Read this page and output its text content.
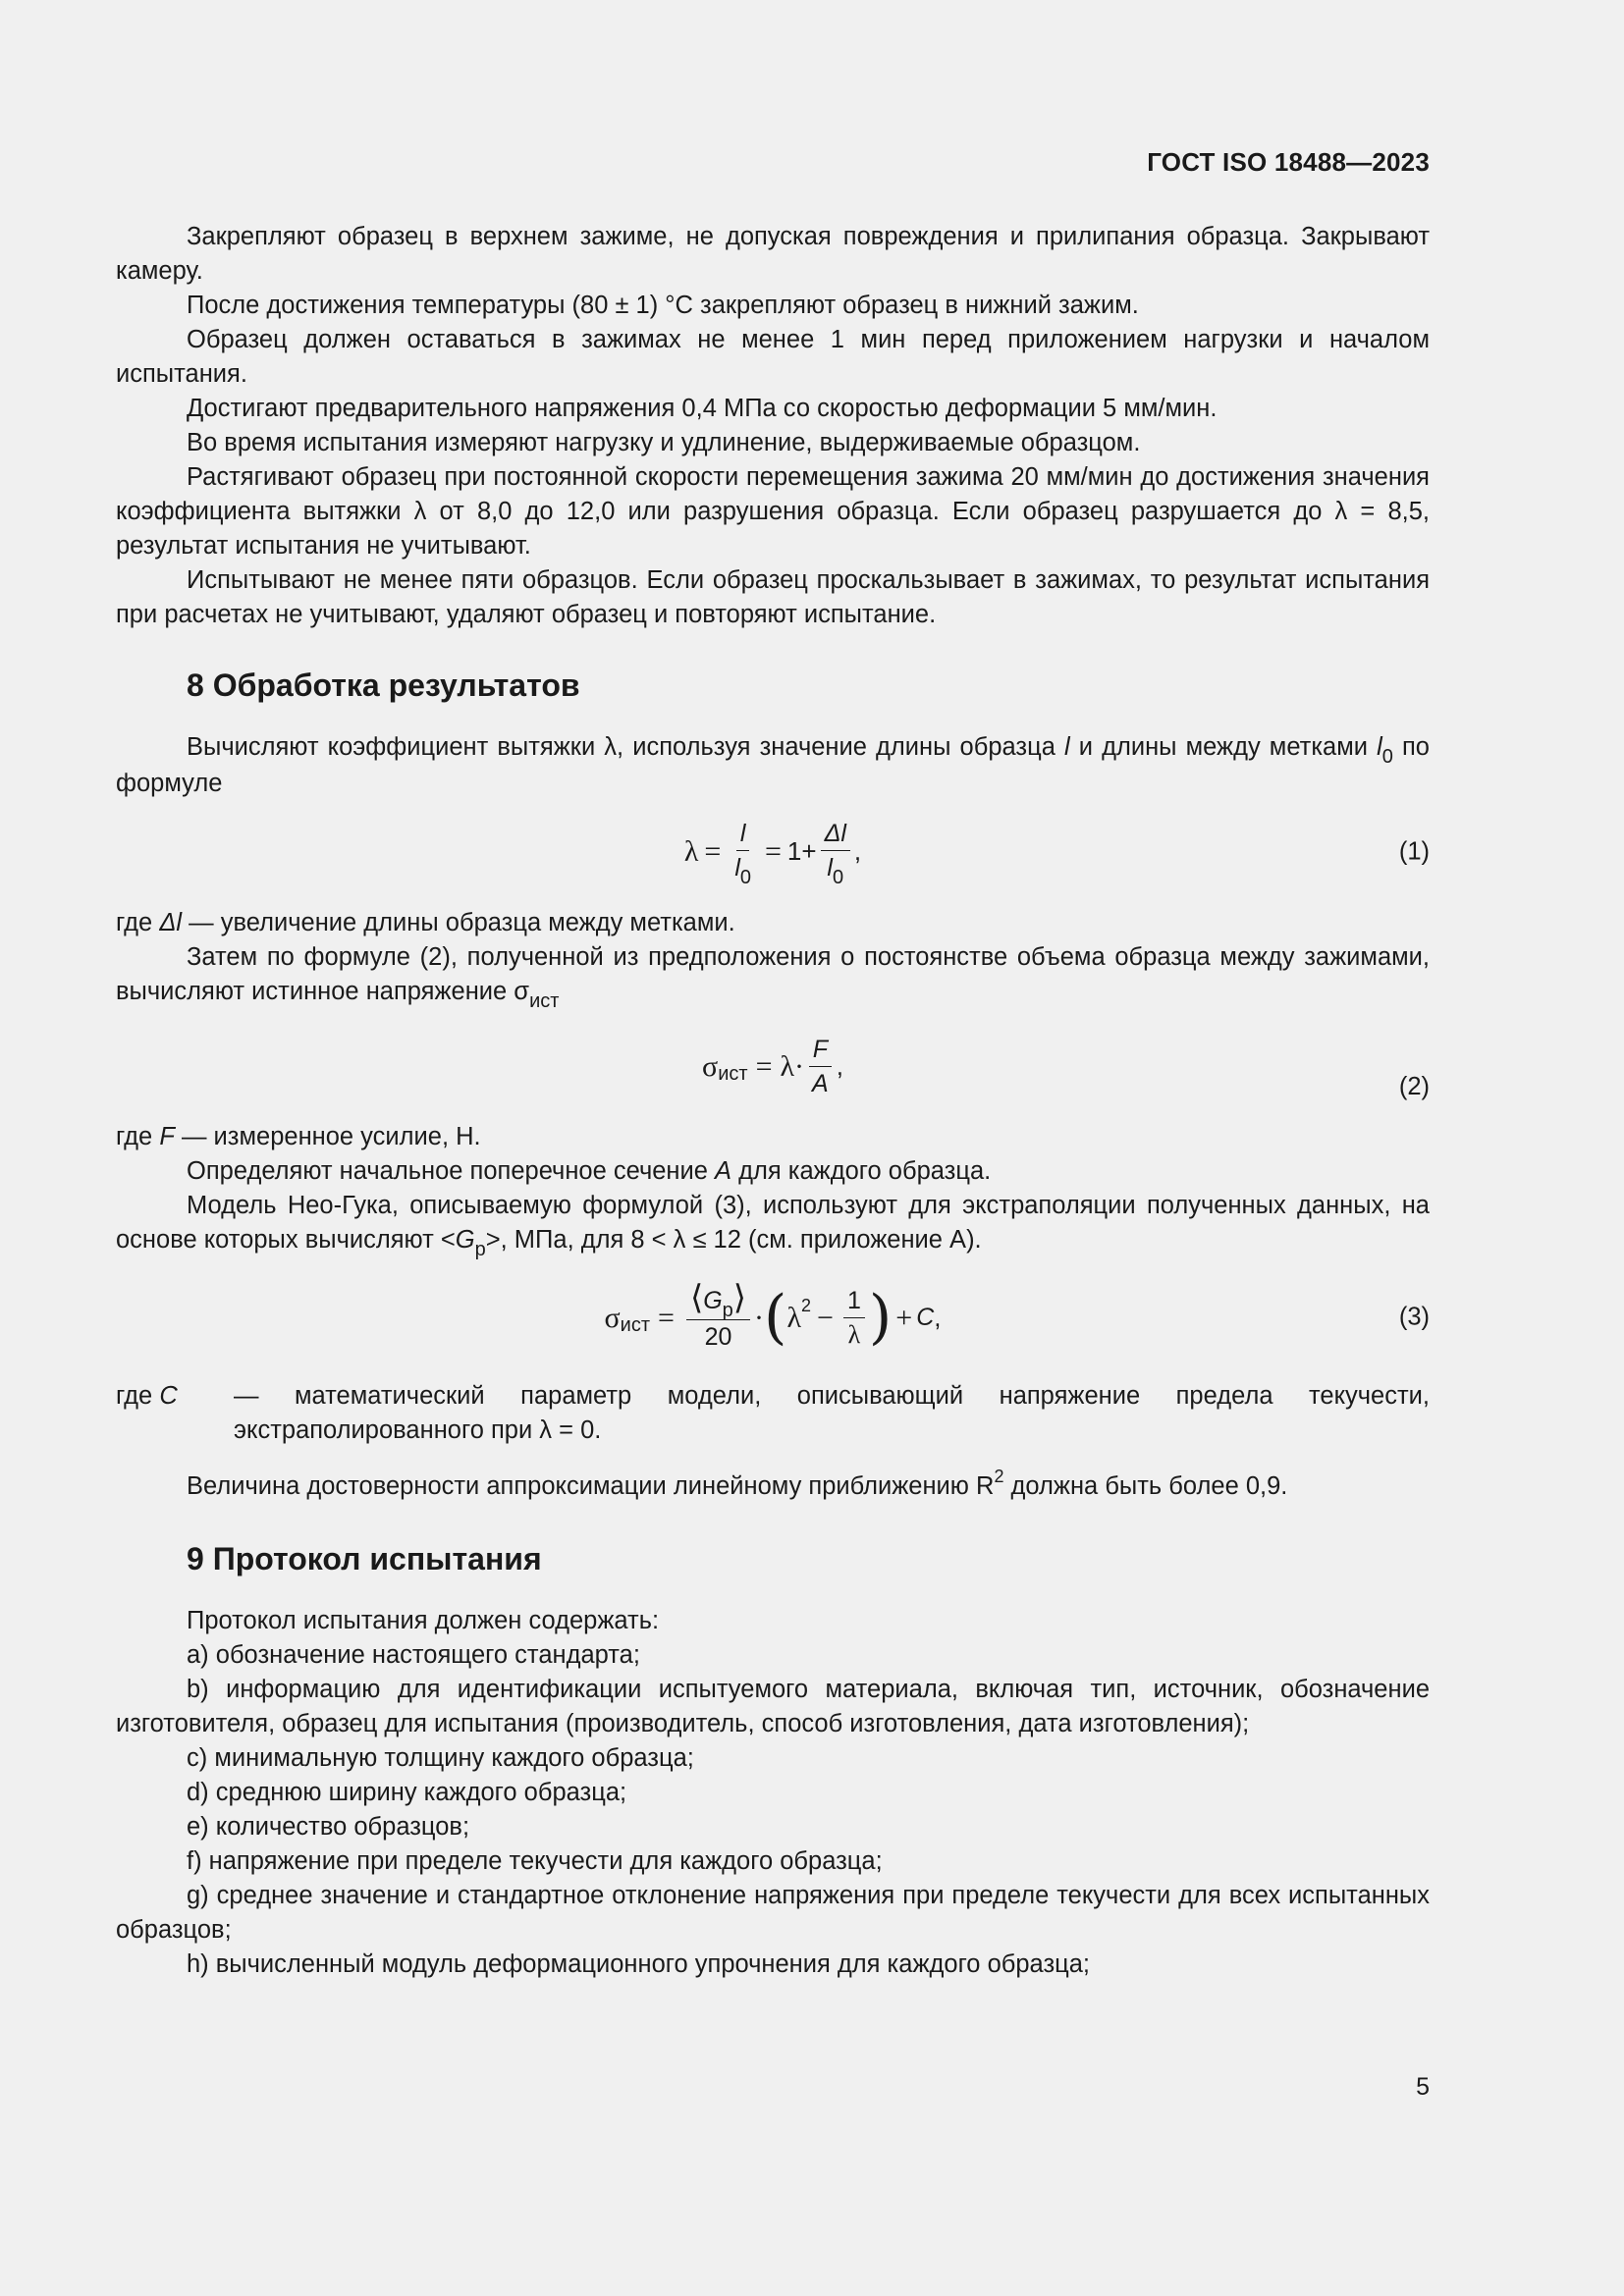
ГОСТ ISO 18488—2023

Закрепляют образец в верхнем зажиме, не допуская повреждения и прилипания образца. Закрывают камеру.

После достижения температуры (80 ± 1) °С закрепляют образец в нижний зажим.

Образец должен оставаться в зажимах не менее 1 мин перед приложением нагрузки и началом испытания.

Достигают предварительного напряжения 0,4 МПа со скоростью деформации 5 мм/мин.

Во время испытания измеряют нагрузку и удлинение, выдерживаемые образцом.

Растягивают образец при постоянной скорости перемещения зажима 20 мм/мин до достижения значения коэффициента вытяжки λ от 8,0 до 12,0 или разрушения образца. Если образец разрушается до λ = 8,5, результат испытания не учитывают.

Испытывают не менее пяти образцов. Если образец проскальзывает в зажимах, то результат испытания при расчетах не учитывают, удаляют образец и повторяют испытание.

8 Обработка результатов

Вычисляют коэффициент вытяжки λ, используя значение длины образца l и длины между метками $l_0$ по формуле

$\lambda = \frac{l}{l_0} = 1+ \frac{\Delta l}{l_0}$ ,	(1)

где Δl — увеличение длины образца между метками.

Затем по формуле (2), полученной из предположения о постоянстве объема образца между зажимами, вычисляют истинное напряжение $\sigma_{ист}$

σ ист = $\lambda\cdot \frac{F}{A}$ ,
(2)

где F — измеренное усилие, Н.

Определяют начальное поперечное сечение A для каждого образца.

Модель Нео-Гука, описываемую формулой (3), используют для экстраполяции полученных данных, на основе которых вычисляют $<G_p>$, МПа, для 8 < λ ≤ 12 (см. приложение А).

σ ист = $\frac{⟨G_p⟩}{20}$ · ( λ $2 - \frac{1}{\lambda}$ ) + C ,	(3)
где C	— математический параметр модели, описывающий напряжение предела текучести, экстраполированного при λ = 0.

Величина достоверности аппроксимации линейному приближению $R^2$ должна быть более 0,9.

9 Протокол испытания

Протокол испытания должен содержать:

a) обозначение настоящего стандарта;

b) информацию для идентификации испытуемого материала, включая тип, источник, обозначение изготовителя, образец для испытания (производитель, способ изготовления, дата изготовления);

c) минимальную толщину каждого образца;

d) среднюю ширину каждого образца;

e) количество образцов;

f) напряжение при пределе текучести для каждого образца;

g) среднее значение и стандартное отклонение напряжения при пределе текучести для всех испытанных образцов;

h) вычисленный модуль деформационного упрочнения для каждого образца;

5
